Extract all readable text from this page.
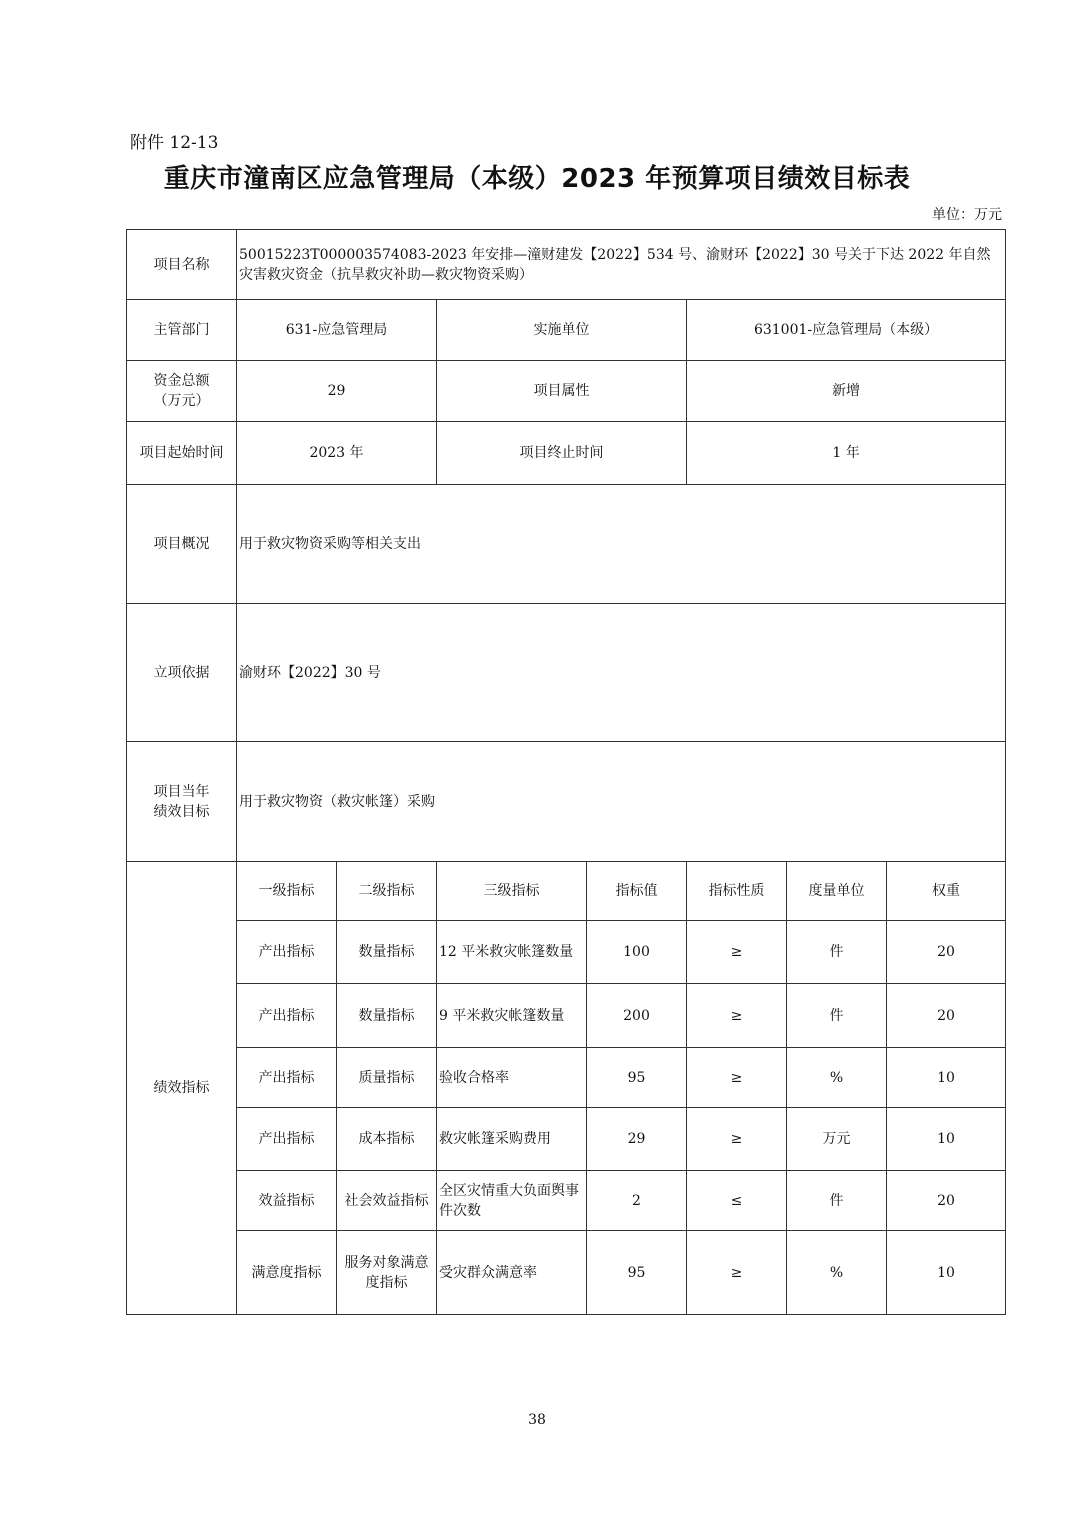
附件 12-13
重庆市潼南区应急管理局（本级）2023 年预算项目绩效目标表
单位：万元
项目名称	50015223T000003574083-2023 年安排—潼财建发【2022】534 号、渝财环【2022】30 号关于下达 2022 年自然灾害救灾资金（抗旱救灾补助—救灾物资采购）						
主管部门	631-应急管理局		实施单位		631001-应急管理局（本级）		
资金总额（万元）	29		项目属性		新增		
项目起始时间	2023 年		项目终止时间		1 年		
项目概况	用于救灾物资采购等相关支出						
立项依据	渝财环【2022】30 号						
项目当年绩效目标	用于救灾物资（救灾帐篷）采购						
绩效指标	一级指标	二级指标	三级指标	指标值	指标性质	度量单位	权重
	产出指标	数量指标	12 平米救灾帐篷数量	100	≥	件	20
	产出指标	数量指标	9 平米救灾帐篷数量	200	≥	件	20
	产出指标	质量指标	验收合格率	95	≥	%	10
	产出指标	成本指标	救灾帐篷采购费用	29	≥	万元	10
	效益指标	社会效益指标	全区灾情重大负面舆事件次数	2	≤	件	20
	满意度指标	服务对象满意度指标	受灾群众满意率	95	≥	%	10
38
